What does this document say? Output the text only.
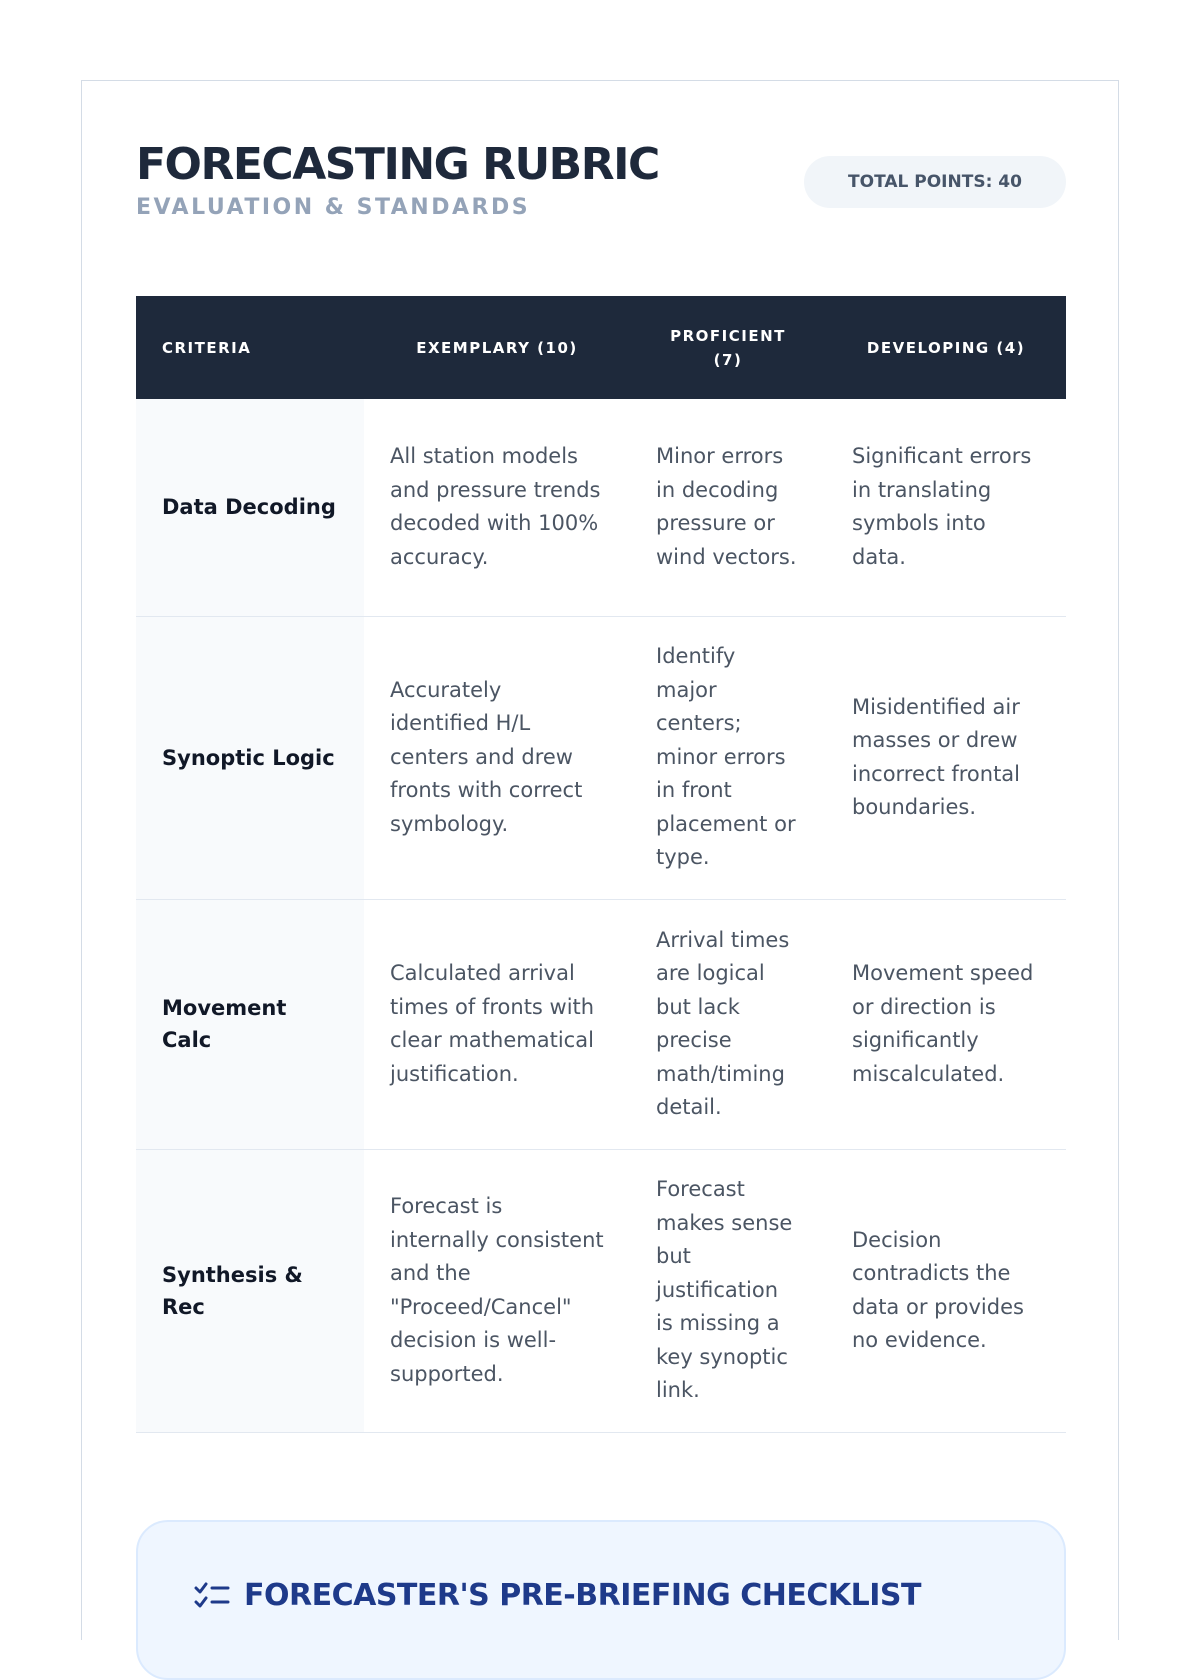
FORECASTING RUBRIC
EVALUATION & STANDARDS
TOTAL POINTS: 40
CRITERIA	EXEMPLARY (10)	PROFICIENT (7)	DEVELOPING (4)
Data Decoding	All station models and pressure trends decoded with 100% accuracy.	Minor errors in decoding pressure or wind vectors.	Significant errors in translating symbols into data.
Synoptic Logic	Accurately identified H/L centers and drew fronts with correct symbology.	Identify major centers; minor errors in front placement or type.	Misidentified air masses or drew incorrect frontal boundaries.
Movement Calc	Calculated arrival times of fronts with clear mathematical justification.	Arrival times are logical but lack precise math/timing detail.	Movement speed or direction is significantly miscalculated.
Synthesis & Rec	Forecast is internally consistent and the "Proceed/Cancel" decision is well-supported.	Forecast makes sense but justification is missing a key synoptic link.	Decision contradicts the data or provides no evidence.
FORECASTER'S PRE-BRIEFING CHECKLIST
